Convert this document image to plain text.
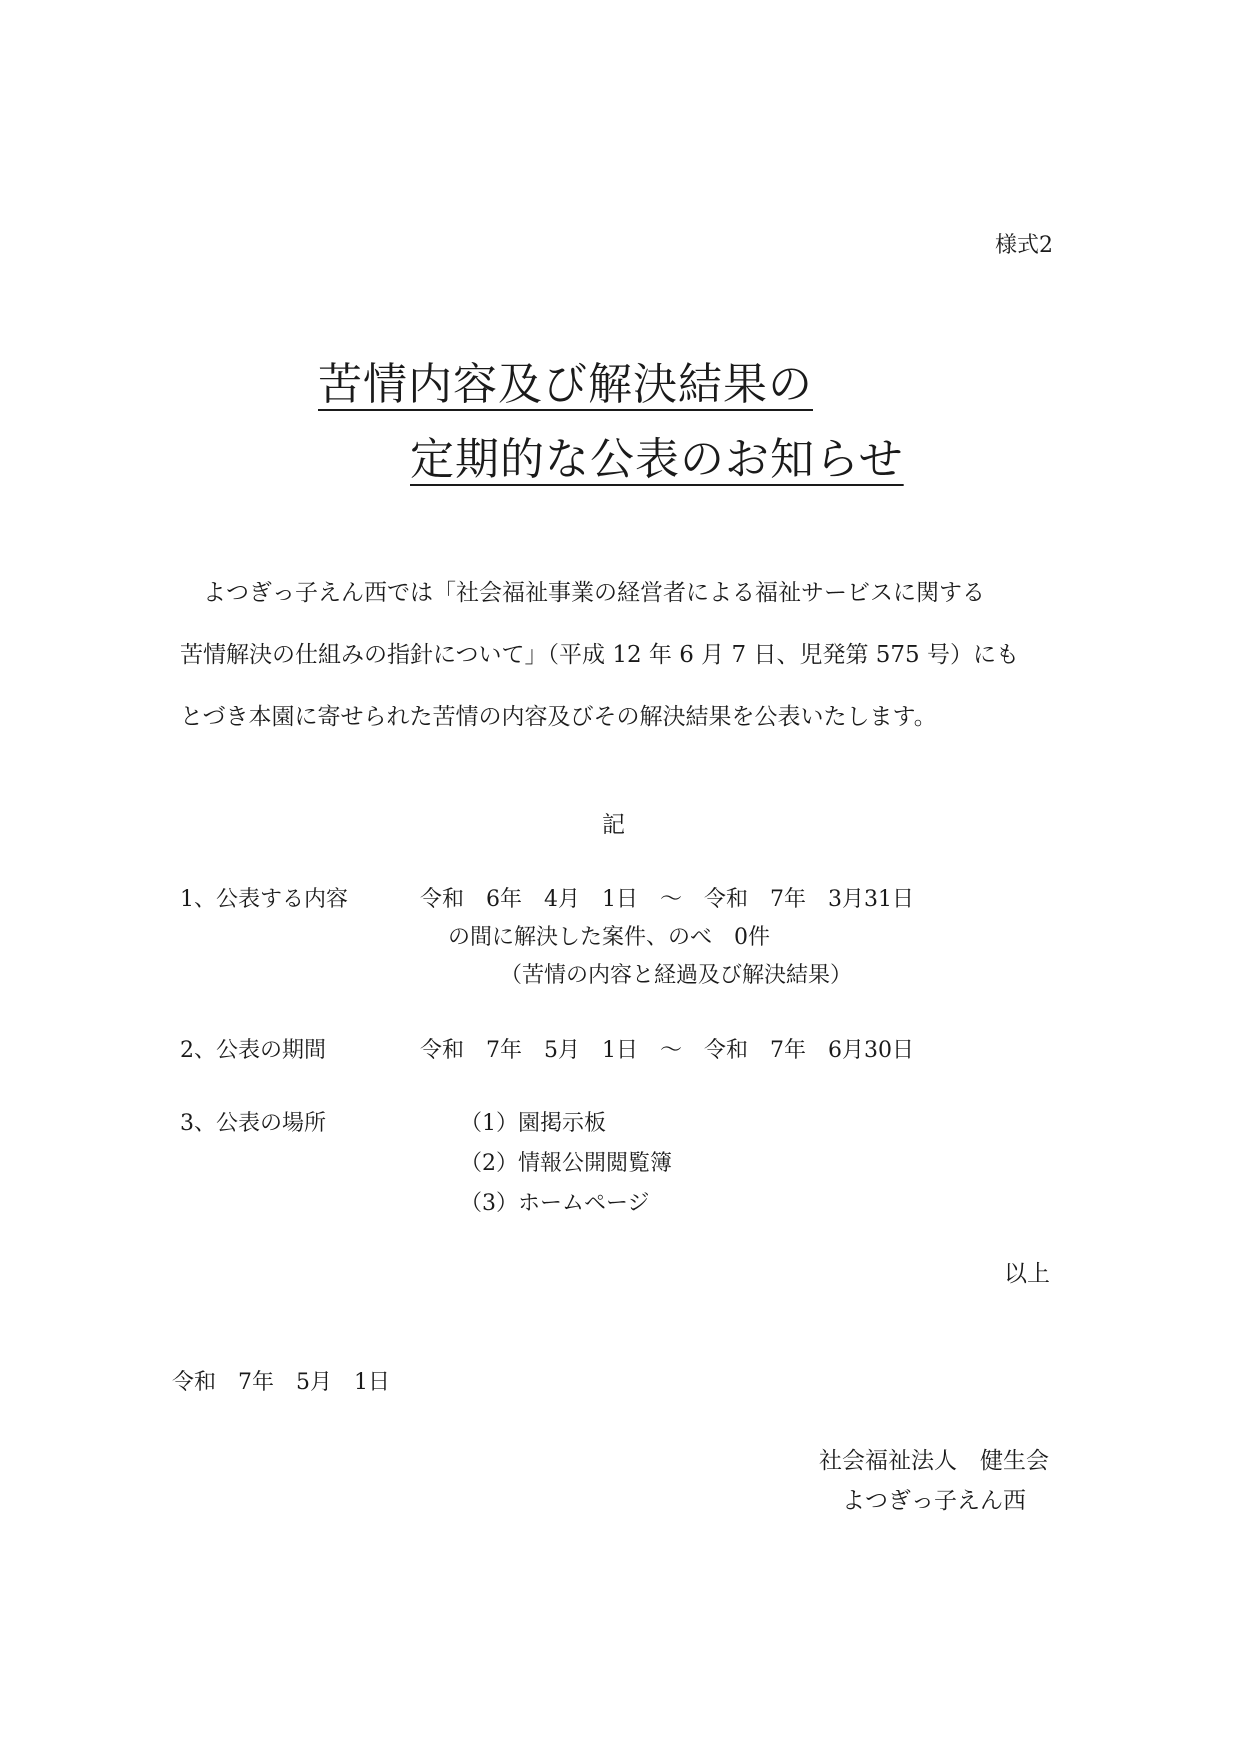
様式2
苦情内容及び解決結果の
定期的な公表のお知らせ
よつぎっ子えん西では「社会福祉事業の経営者による福祉サービスに関する
苦情解決の仕組みの指針について」（平成 12 年 6 月 7 日、児発第 575 号）にも
とづき本園に寄せられた苦情の内容及びその解決結果を公表いたします。
記
1、公表する内容	令和　6年　4月　1日　～　令和　7年　3月31日
の間に解決した案件、のべ　0件
（苦情の内容と経過及び解決結果）
2、公表の期間	令和　7年　5月　1日　～　令和　7年　6月30日
3、公表の場所	（1）園掲示板
（2）情報公開閲覧簿
（3）ホームページ
以上
令和　7年　5月　1日
社会福祉法人　健生会
よつぎっ子えん西
